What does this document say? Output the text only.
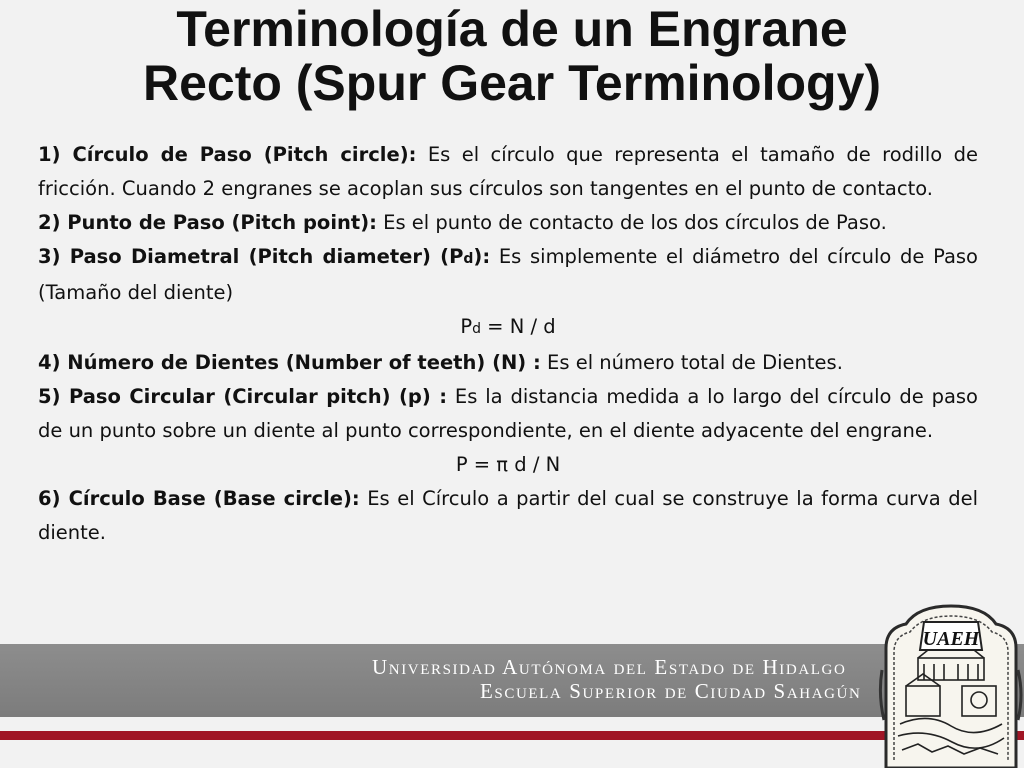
Terminología de un Engrane
Recto (Spur Gear Terminology)

1) Círculo de Paso (Pitch circle): Es el círculo que representa el tamaño de rodillo de fricción. Cuando 2 engranes se acoplan sus círculos son tangentes en el punto de contacto.

2) Punto de Paso (Pitch point): Es el punto de contacto de los dos círculos de Paso.

3) Paso Diametral (Pitch diameter) (Pd): Es simplemente el diámetro del círculo de Paso (Tamaño del diente)

Pd = N / d

4) Número de Dientes (Number of teeth) (N) : Es el número total de Dientes.

5) Paso Circular (Circular pitch) (p) : Es la distancia medida a lo largo del círculo de paso de un punto sobre un diente al punto correspondiente, en el diente adyacente del engrane.

P = π d / N

6) Círculo Base (Base circle): Es el Círculo a partir del cual se construye la forma curva del diente.

Universidad Autónoma del Estado de Hidalgo
Escuela Superior de Ciudad Sahagún
UAEH
